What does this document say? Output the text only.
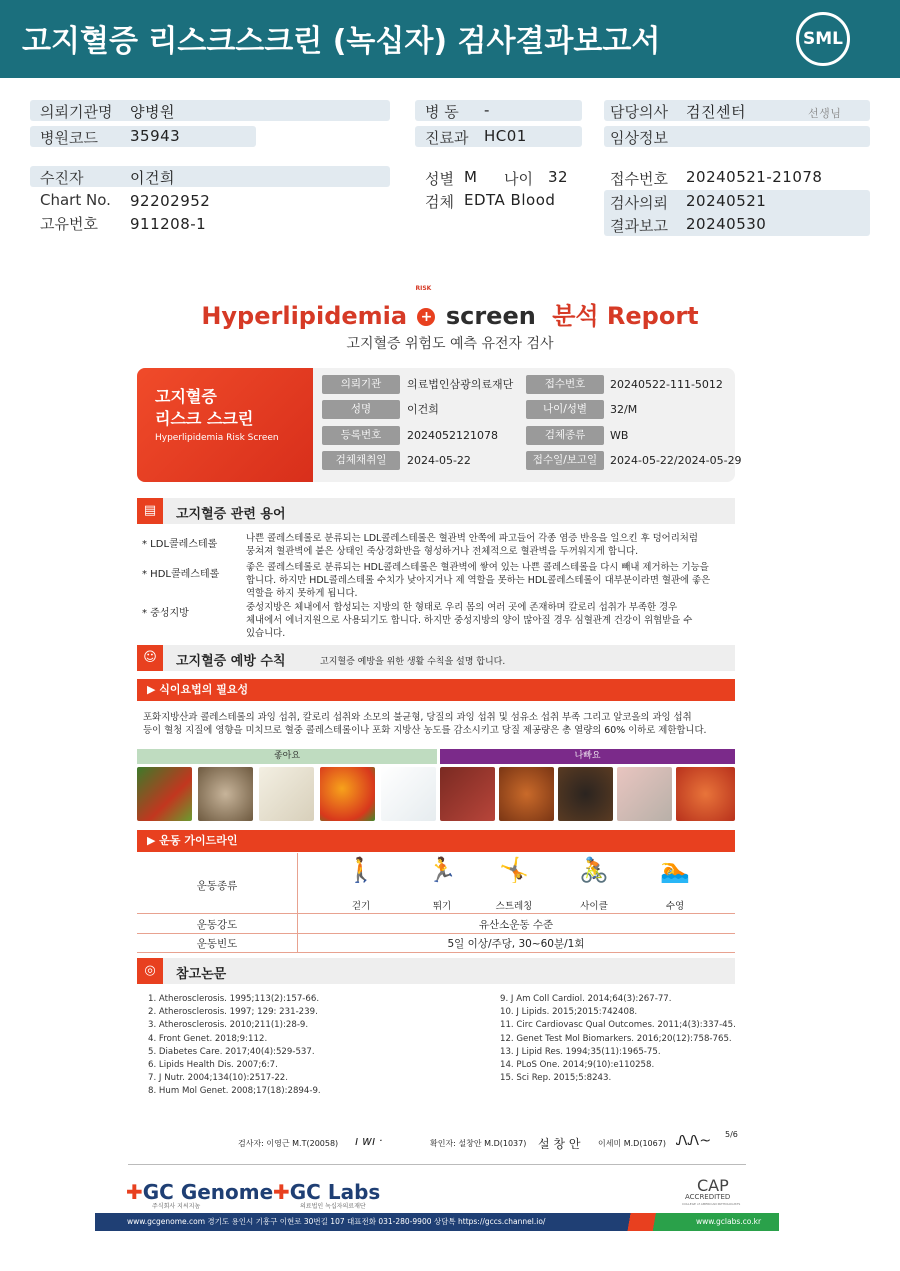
고지혈증 리스크스크린 (녹십자) 검사결과보고서	SML
의뢰기관명 양병원
병원코드 35943
병 동 -
진료과 HC01
담당의사 검진센터	선생님
임상정보
수진자	이건희
Chart No. 92202952
고유번호 911208-1
성별 M 나이 32
검체 EDTA Blood
접수번호 20240521-21078
검사의뢰 20240521
결과보고 20240530
Hyperlipidemia
RISK
+ screen 분석 Report
고지혈증 위험도 예측 유전자 검사
고지혈증
리스크 스크린
Hyperlipidemia Risk Screen
의뢰기관	의료법인삼광의료재단	접수번호	20240522-111-5012
성명	이건희	나이/성별	32/M
등록번호	2024052121078	검체종류	WB
검체채취일	2024-05-22	접수일/보고일	2024-05-22/2024-05-29
▤	고지혈증 관련 용어
* LDL콜레스테롤
나쁜 콜레스테롤로 분류되는 LDL콜레스테롤은 혈관벽 안쪽에 파고들어 각종 염증 반응을 일으킨 후 덩어리처럼
뭉쳐져 혈관벽에 붙은 상태인 죽상경화반을 형성하거나 전체적으로 혈관벽을 두꺼워지게 합니다.
* HDL콜레스테롤
좋은 콜레스테롤로 분류되는 HDL콜레스테롤은 혈관벽에 쌓여 있는 나쁜 콜레스테롤을 다시 빼내 제거하는 기능을
합니다. 하지만 HDL콜레스테롤 수치가 낮아지거나 제 역할을 못하는 HDL콜레스테롤이 대부분이라면 혈관에 좋은
역할을 하지 못하게 됩니다.
* 중성지방
중성지방은 체내에서 합성되는 지방의 한 형태로 우리 몸의 여러 곳에 존재하며 칼로리 섭취가 부족한 경우
체내에서 에너지원으로 사용되기도 합니다. 하지만 중성지방의 양이 많아질 경우 심혈관계 건강이 위협받을 수
있습니다.
☺	고지혈증 예방 수칙	고지혈증 예방을 위한 생활 수칙을 설명 합니다.
▶ 식이요법의 필요성
포화지방산과 콜레스테롤의 과잉 섭취, 칼로리 섭취와 소모의 불균형, 당질의 과잉 섭취 및 섬유소 섭취 부족 그리고 알코올의 과잉 섭취
등이 혈청 지질에 영향을 미치므로 혈중 콜레스테롤이나 포화 지방산 농도를 감소시키고 당질 제공량은 총 열량의 60% 이하로 제한합니다.
좋아요	나빠요
▶ 운동 가이드라인
운동종류
🚶
걷기
🏃
뛰기
🤸
스트레칭
🚴
사이클
🏊
수영
운동강도	유산소운동 수준
운동빈도	5일 이상/주당, 30~60분/1회
◎	참고논문
1. Atherosclerosis. 1995;113(2):157-66.
2. Atherosclerosis. 1997; 129: 231-239.
3. Atherosclerosis. 2010;211(1):28-9.
4. Front Genet. 2018;9:112.
5. Diabetes Care. 2017;40(4):529-537.
6. Lipids Health Dis. 2007;6:7.
7. J Nutr. 2004;134(10):2517-22.
8. Hum Mol Genet. 2008;17(18):2894-9.
9. J Am Coll Cardiol. 2014;64(3):267-77.
10. J Lipids. 2015;2015:742408.
11. Circ Cardiovasc Qual Outcomes. 2011;4(3):337-45.
12. Genet Test Mol Biomarkers. 2016;20(12):758-765.
13. J Lipid Res. 1994;35(11):1965-75.
14. PLoS One. 2014;9(10):e110258.
15. Sci Rep. 2015;5:8243.
검사자: 이영근 M.T(20058) ı wı ᐧ	확인자: 설창안 M.D(1037) 설 창 안 이세미 M.D(1067) ᏁᏁ~ 5/6
✚GC Genome
주식회사 지씨지놈
✚GC Labs
의료법인 녹십자의료재단
CAP
ACCREDITED
COLLEGE of AMERICAN PATHOLOGISTS
www.gcgenome.com 경기도 용인시 기흥구 이현로 30번길 107 대표전화 031-280-9900 상담톡 https://gccs.channel.io/	www.gclabs.co.kr
